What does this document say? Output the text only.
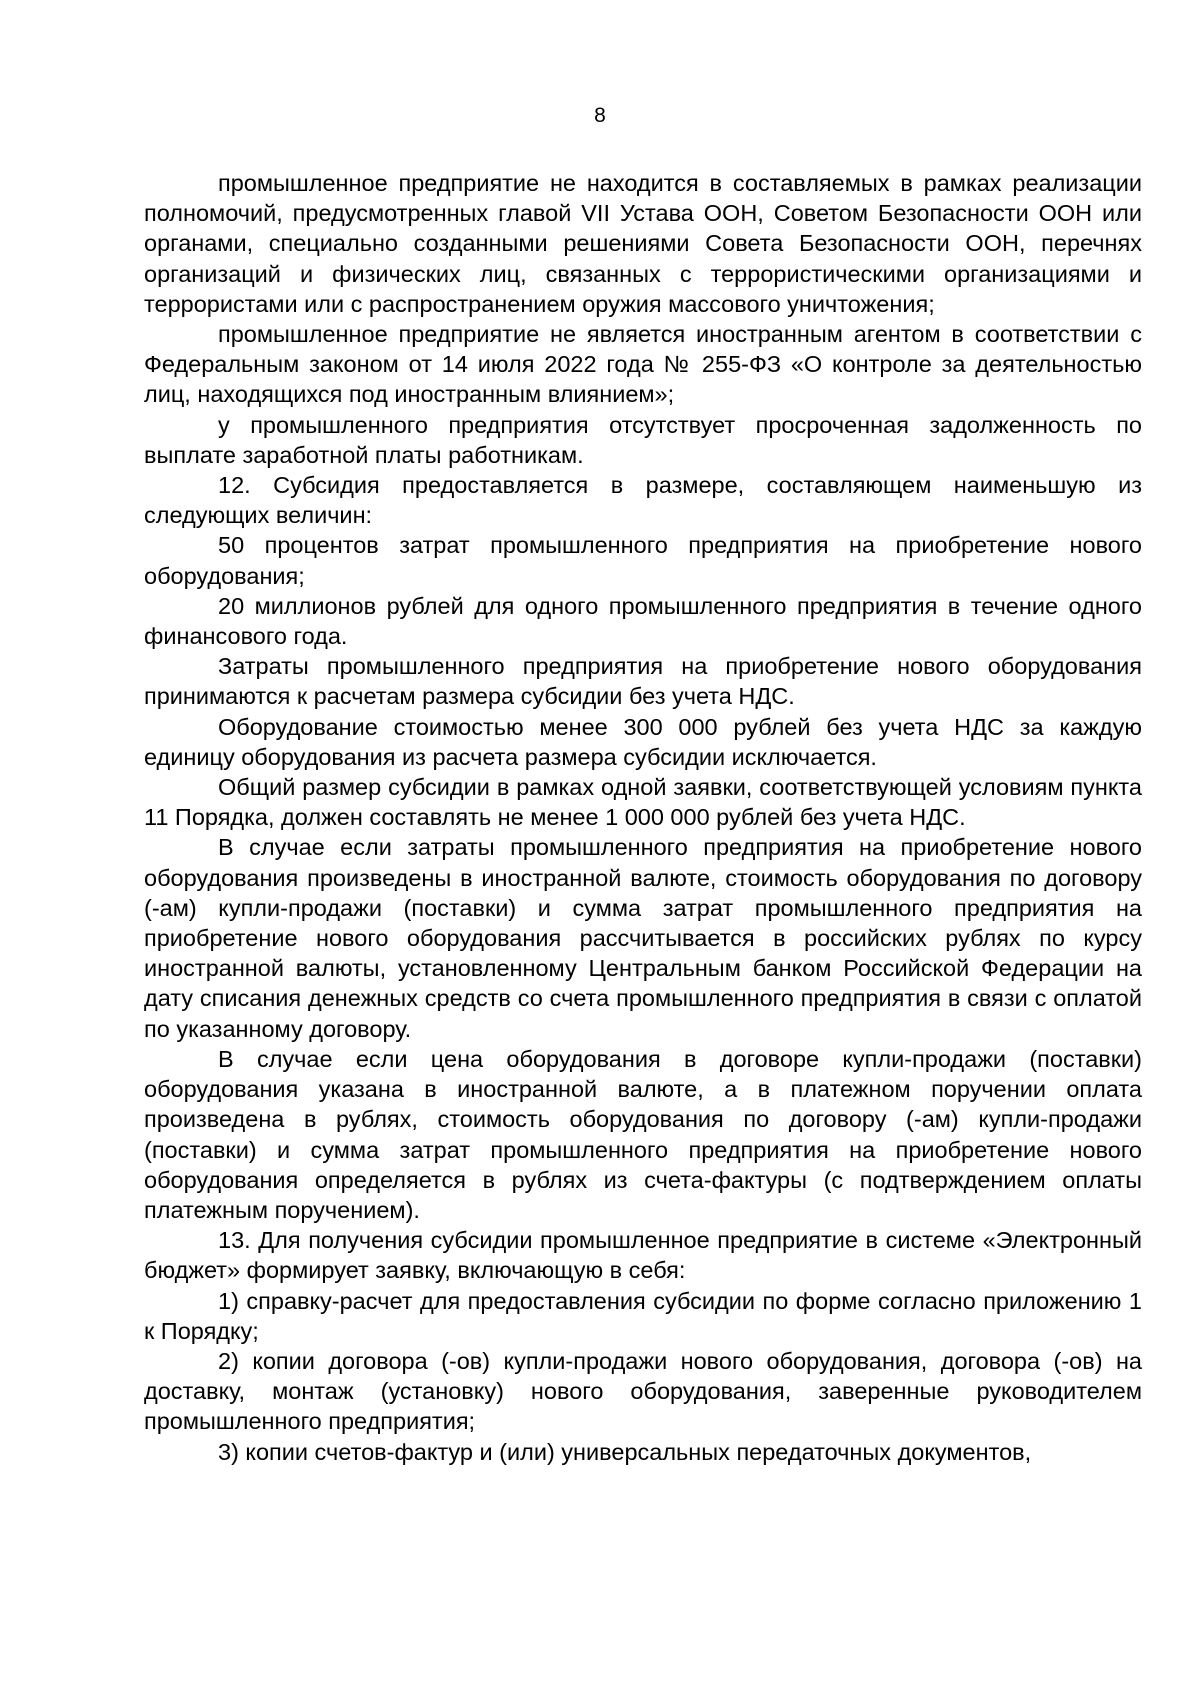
8

промышленное предприятие не находится в составляемых в рамках реализации полномочий, предусмотренных главой VII Устава ООН, Советом Безопасности ООН или органами, специально созданными решениями Совета Безопасности ООН, перечнях организаций и физических лиц, связанных с террористическими организациями и террористами или с распространением оружия массового уничтожения;

промышленное предприятие не является иностранным агентом в соответствии с Федеральным законом от 14 июля 2022 года № 255-ФЗ «О контроле за деятельностью лиц, находящихся под иностранным влиянием»;

у промышленного предприятия отсутствует просроченная задолженность по выплате заработной платы работникам.

12. Субсидия предоставляется в размере, составляющем наименьшую из следующих величин:

50 процентов затрат промышленного предприятия на приобретение нового оборудования;

20 миллионов рублей для одного промышленного предприятия в течение одного финансового года.

Затраты промышленного предприятия на приобретение нового оборудования принимаются к расчетам размера субсидии без учета НДС.

Оборудование стоимостью менее 300 000 рублей без учета НДС за каждую единицу оборудования из расчета размера субсидии исключается.

Общий размер субсидии в рамках одной заявки, соответствующей условиям пункта 11 Порядка, должен составлять не менее 1 000 000 рублей без учета НДС.

В случае если затраты промышленного предприятия на приобретение нового оборудования произведены в иностранной валюте, стоимость оборудования по договору (-ам) купли-продажи (поставки) и сумма затрат промышленного предприятия на приобретение нового оборудования рассчитывается в российских рублях по курсу иностранной валюты, установленному Центральным банком Российской Федерации на дату списания денежных средств со счета промышленного предприятия в связи с оплатой по указанному договору.

В случае если цена оборудования в договоре купли-продажи (поставки) оборудования указана в иностранной валюте, а в платежном поручении оплата произведена в рублях, стоимость оборудования по договору (-ам) купли-продажи (поставки) и сумма затрат промышленного предприятия на приобретение нового оборудования определяется в рублях из счета-фактуры (с подтверждением оплаты платежным поручением).

13. Для получения субсидии промышленное предприятие в системе «Электронный бюджет» формирует заявку, включающую в себя:

1) справку-расчет для предоставления субсидии по форме согласно приложению 1 к Порядку;

2) копии договора (-ов) купли-продажи нового оборудования, договора (-ов) на доставку, монтаж (установку) нового оборудования, заверенные руководителем промышленного предприятия;

3) копии счетов-фактур и (или) универсальных передаточных документов,
